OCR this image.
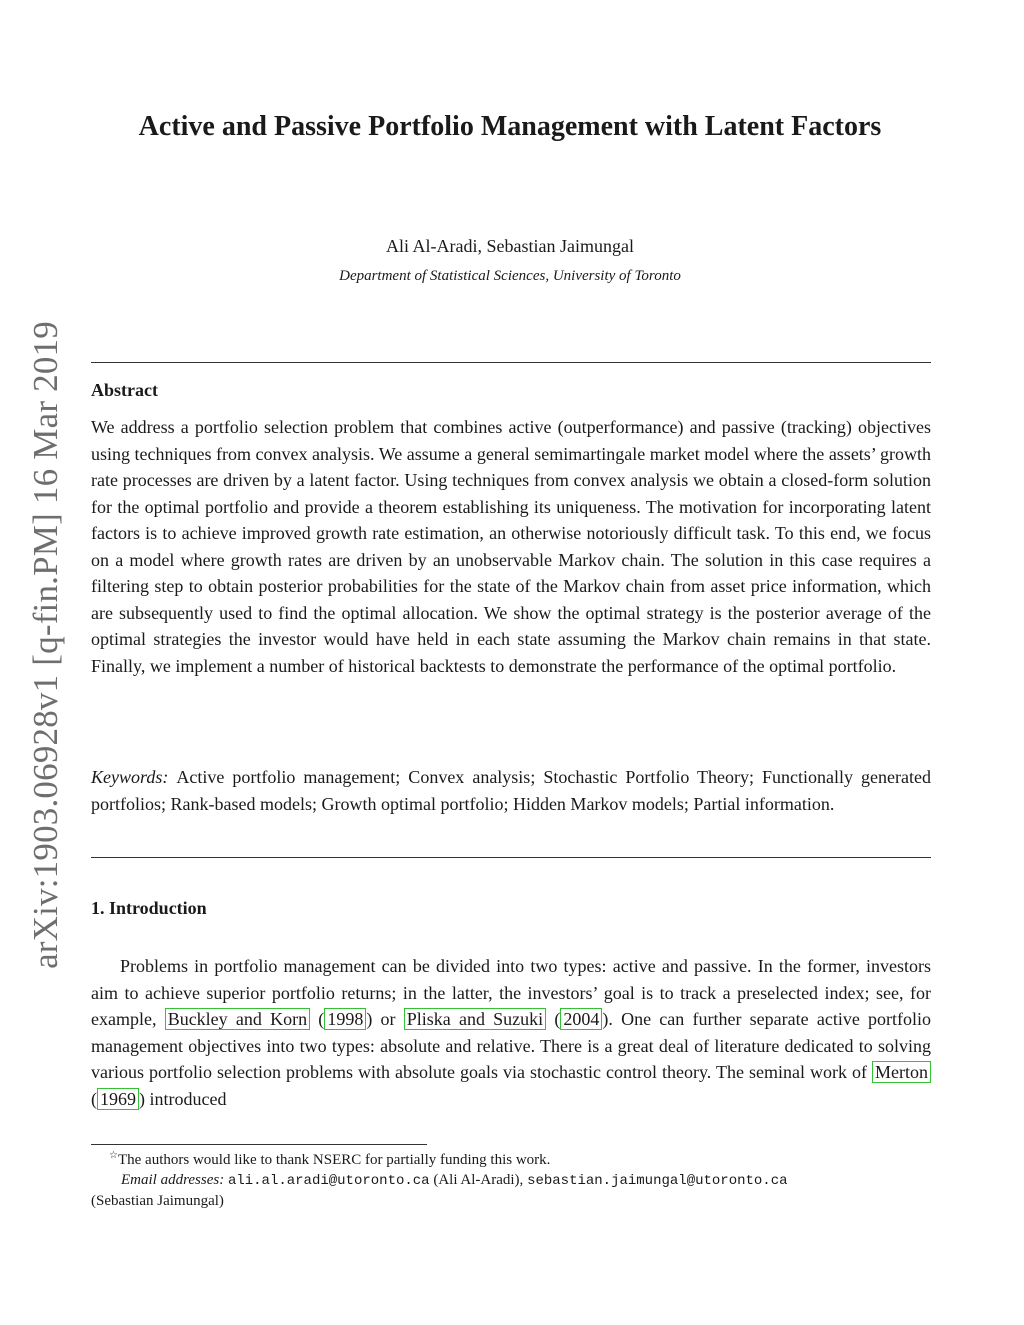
arXiv:1903.06928v1 [q-fin.PM] 16 Mar 2019
Active and Passive Portfolio Management with Latent Factors
Ali Al-Aradi, Sebastian Jaimungal
Department of Statistical Sciences, University of Toronto
Abstract
We address a portfolio selection problem that combines active (outperformance) and passive (tracking) objectives using techniques from convex analysis. We assume a general semimartingale market model where the assets’ growth rate processes are driven by a latent factor. Using techniques from convex analysis we obtain a closed-form solution for the optimal portfolio and provide a theorem establishing its uniqueness. The motivation for incorporating latent factors is to achieve improved growth rate estimation, an otherwise notoriously difficult task. To this end, we focus on a model where growth rates are driven by an unobservable Markov chain. The solution in this case requires a filtering step to obtain posterior probabilities for the state of the Markov chain from asset price information, which are subsequently used to find the optimal allocation. We show the optimal strategy is the posterior average of the optimal strategies the investor would have held in each state assuming the Markov chain remains in that state. Finally, we implement a number of historical backtests to demonstrate the performance of the optimal portfolio.
Keywords: Active portfolio management; Convex analysis; Stochastic Portfolio Theory; Functionally generated portfolios; Rank-based models; Growth optimal portfolio; Hidden Markov models; Partial information.
1. Introduction
Problems in portfolio management can be divided into two types: active and passive. In the former, investors aim to achieve superior portfolio returns; in the latter, the investors’ goal is to track a preselected index; see, for example, Buckley and Korn ( 1998 ) or Pliska and Suzuki ( 2004 ). One can further separate active portfolio management objectives into two types: absolute and relative. There is a great deal of literature dedicated to solving various portfolio selection problems with absolute goals via stochastic control theory. The seminal work of Merton ( 1969 ) introduced
☆The authors would like to thank NSERC for partially funding this work.
Email addresses: ali.al.aradi@utoronto.ca (Ali Al-Aradi), sebastian.jaimungal@utoronto.ca
(Sebastian Jaimungal)
